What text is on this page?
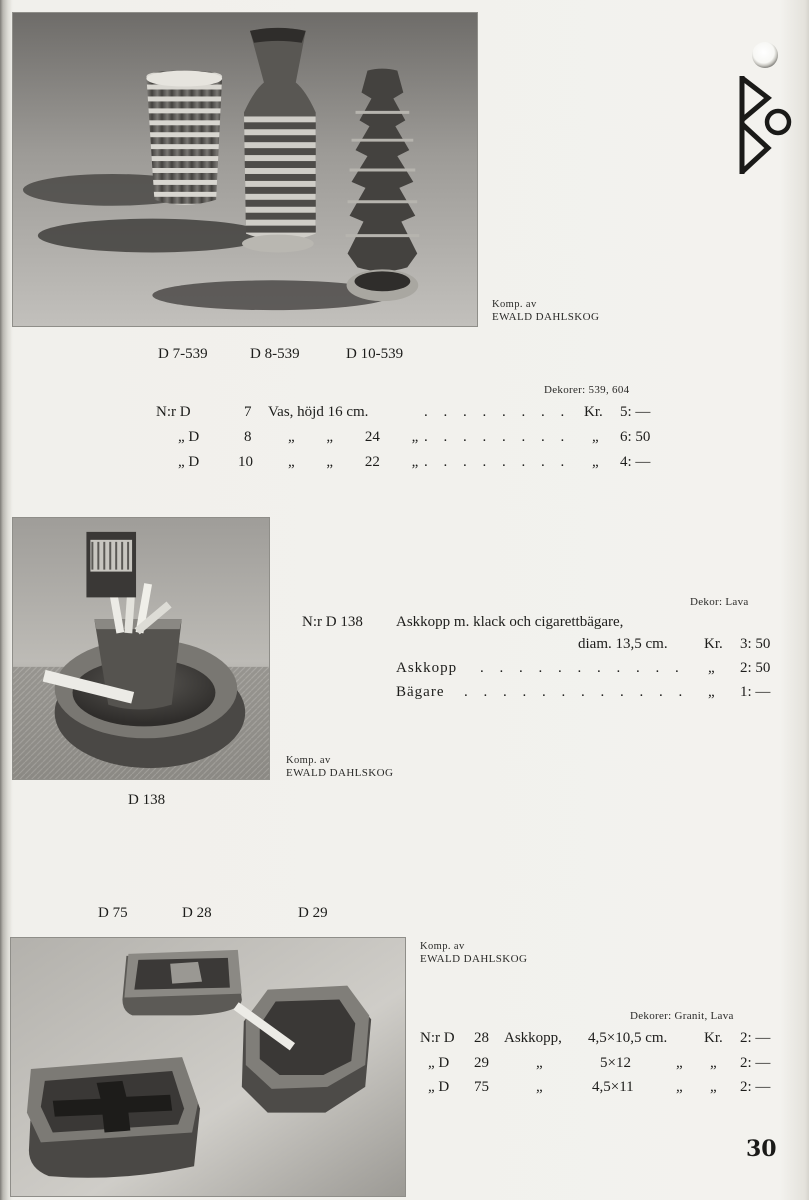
Komp. av
EWALD DAHLSKOG
D 7-539	D 8-539	D 10-539
Dekorer: 539, 604
N:r D	7 Vas, höjd 16 cm.	. . . . . . . . Kr. 5: —
„ D	8 „ „ 24 „ . . . . . . . . „ 6: 50
„ D	10 „ „ 22 „ . . . . . . . . „ 4: —
Komp. av
EWALD DAHLSKOG
D 138
Dekor: Lava
N:r D 138 Askkopp m. klack och cigarettbägare,
diam. 13,5 cm. Kr. 3: 50
Askkopp . . . . . . . . . . . „ 2: 50
Bägare . . . . . . . . . . . . „ 1: —
D 75	D 28	D 29
Komp. av
EWALD DAHLSKOG
Dekorer: Granit, Lava
N:r D 28 Askkopp, 4,5×10,5 cm. Kr. 2: —
„ D 29	„	5×12	„ „ 2: —
„ D 75	„	4,5×11	„ „ 2: —
30
